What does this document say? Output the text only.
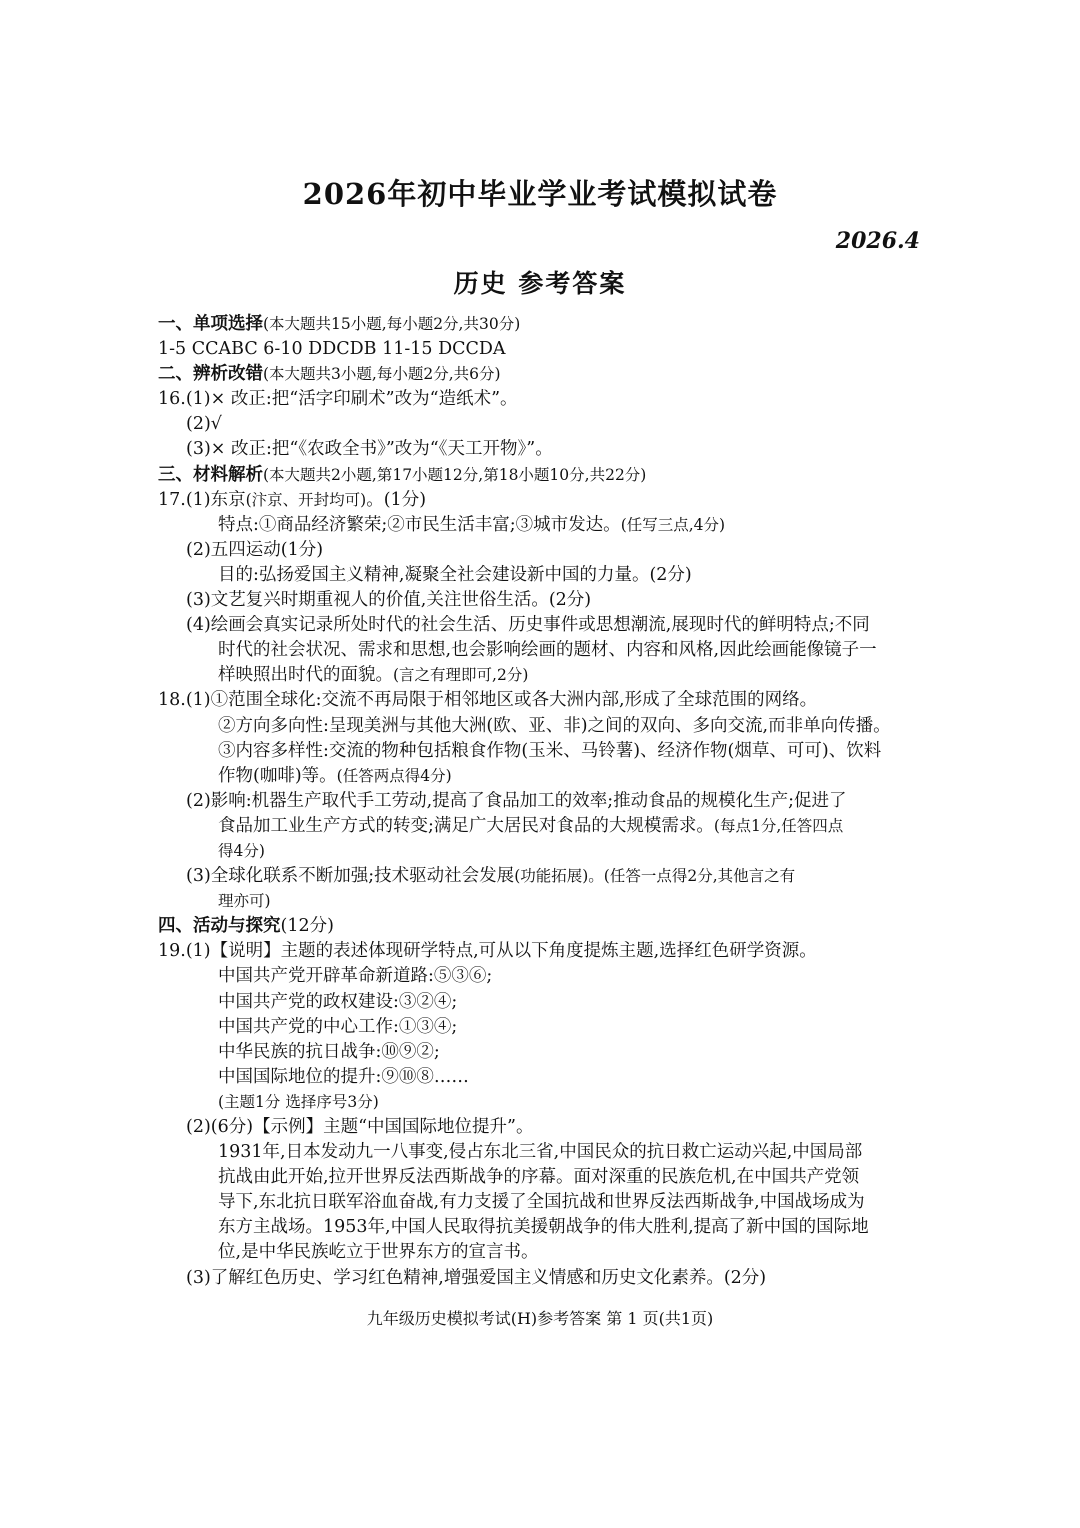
2026年初中毕业学业考试模拟试卷
2026.4
历史 参考答案
一、单项选择(本大题共15小题,每小题2分,共30分)
1-5 CCABC 6-10 DDCDB 11-15 DCCDA
二、辨析改错(本大题共3小题,每小题2分,共6分)
16.(1)× 改正:把“活字印刷术”改为“造纸术”。
(2)√
(3)× 改正:把“《农政全书》”改为“《天工开物》”。
三、材料解析(本大题共2小题,第17小题12分,第18小题10分,共22分)
17.(1)东京(汴京、开封均可)。(1分)
特点:①商品经济繁荣;②市民生活丰富;③城市发达。(任写三点,4分)
(2)五四运动(1分)
目的:弘扬爱国主义精神,凝聚全社会建设新中国的力量。(2分)
(3)文艺复兴时期重视人的价值,关注世俗生活。(2分)
(4)绘画会真实记录所处时代的社会生活、历史事件或思想潮流,展现时代的鲜明特点;不同
时代的社会状况、需求和思想,也会影响绘画的题材、内容和风格,因此绘画能像镜子一
样映照出时代的面貌。(言之有理即可,2分)
18.(1)①范围全球化:交流不再局限于相邻地区或各大洲内部,形成了全球范围的网络。
②方向多向性:呈现美洲与其他大洲(欧、亚、非)之间的双向、多向交流,而非单向传播。
③内容多样性:交流的物种包括粮食作物(玉米、马铃薯)、经济作物(烟草、可可)、饮料
作物(咖啡)等。(任答两点得4分)
(2)影响:机器生产取代手工劳动,提高了食品加工的效率;推动食品的规模化生产;促进了
食品加工业生产方式的转变;满足广大居民对食品的大规模需求。(每点1分,任答四点
得4分)
(3)全球化联系不断加强;技术驱动社会发展(功能拓展)。(任答一点得2分,其他言之有
理亦可)
四、活动与探究(12分)
19.(1)【说明】主题的表述体现研学特点,可从以下角度提炼主题,选择红色研学资源。
中国共产党开辟革命新道路:⑤③⑥;
中国共产党的政权建设:③②④;
中国共产党的中心工作:①③④;
中华民族的抗日战争:⑩⑨②;
中国国际地位的提升:⑨⑩⑧……
(主题1分 选择序号3分)
(2)(6分)【示例】主题“中国国际地位提升”。
1931年,日本发动九一八事变,侵占东北三省,中国民众的抗日救亡运动兴起,中国局部
抗战由此开始,拉开世界反法西斯战争的序幕。面对深重的民族危机,在中国共产党领
导下,东北抗日联军浴血奋战,有力支援了全国抗战和世界反法西斯战争,中国战场成为
东方主战场。1953年,中国人民取得抗美援朝战争的伟大胜利,提高了新中国的国际地
位,是中华民族屹立于世界东方的宣言书。
(3)了解红色历史、学习红色精神,增强爱国主义情感和历史文化素养。(2分)
九年级历史模拟考试(H)参考答案 第 1 页(共1页)
